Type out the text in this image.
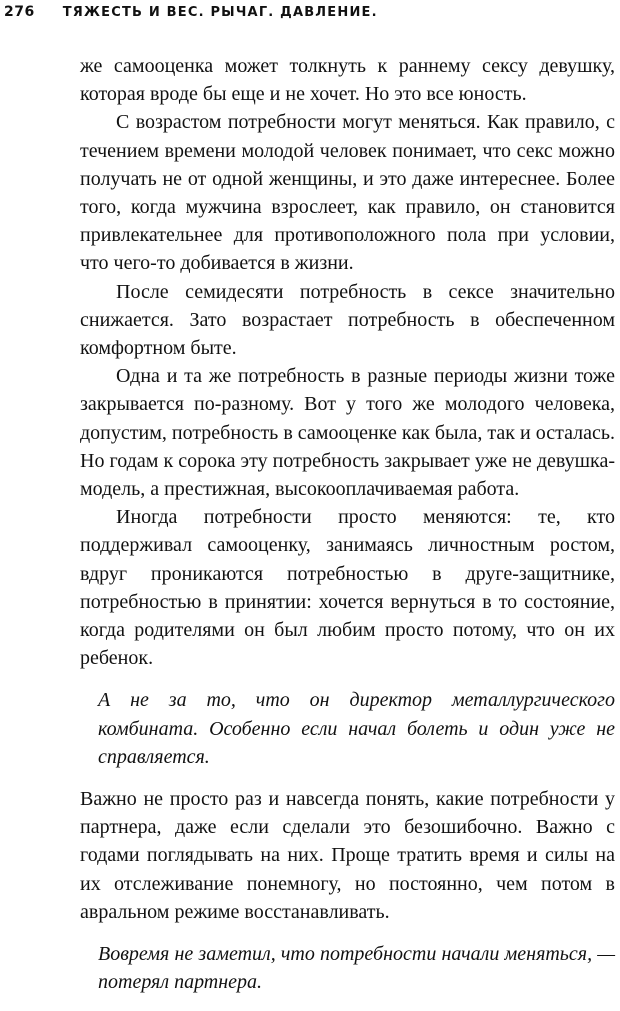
276 ТЯЖЕСТЬ И ВЕС. РЫЧАГ. ДАВЛЕНИЕ.

же самооценка может толкнуть к раннему сексу девушку, которая вроде бы еще и не хочет. Но это все юность.

С возрастом потребности могут меняться. Как правило, с течением времени молодой человек понимает, что секс можно получать не от одной женщины, и это даже интереснее. Более того, когда мужчина взрослеет, как правило, он становится привлекательнее для противоположного пола при условии, что чего-то добивается в жизни.

После семидесяти потребность в сексе значительно снижается. Зато возрастает потребность в обеспеченном комфортном быте.

Одна и та же потребность в разные периоды жизни тоже закрывается по-разному. Вот у того же молодого человека, допустим, потребность в самооценке как была, так и осталась. Но годам к сорока эту потребность закрывает уже не девушка-модель, а престижная, высокооплачиваемая работа.

Иногда потребности просто меняются: те, кто поддерживал самооценку, занимаясь личностным ростом, вдруг проникаются потребностью в друге-защитнике, потребностью в принятии: хочется вернуться в то состояние, когда родителями он был любим просто потому, что он их ребенок.

А не за то, что он директор металлургического комбината. Особенно если начал болеть и один уже не справляется.

Важно не просто раз и навсегда понять, какие потребности у партнера, даже если сделали это безошибочно. Важно с годами поглядывать на них. Проще тратить время и силы на их отслеживание понемногу, но постоянно, чем потом в авральном режиме восстанавливать.

Вовремя не заметил, что потребности начали меняться, — потерял партнера.
